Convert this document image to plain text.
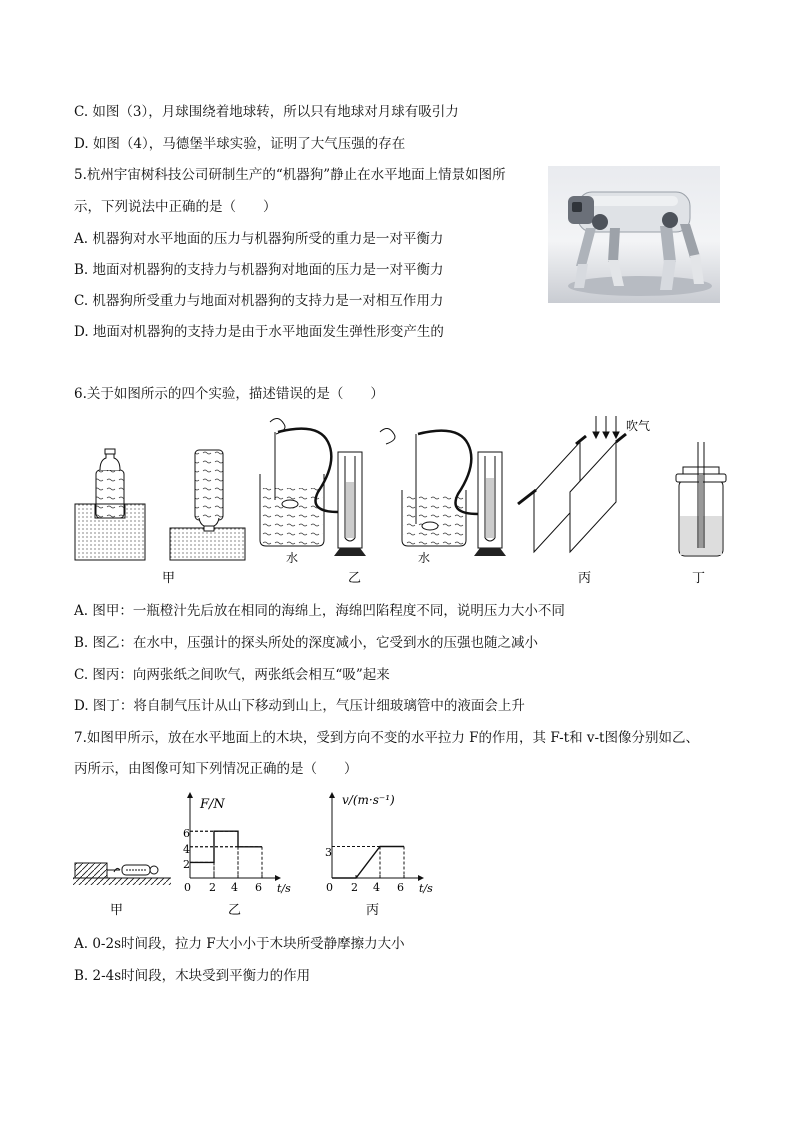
C. 如图（3），月球围绕着地球转，所以只有地球对月球有吸引力
D. 如图（4），马德堡半球实验，证明了大气压强的存在
5.杭州宇宙树科技公司研制生产的“机器狗”静止在水平地面上情景如图所
示，下列说法中正确的是（　　）
A. 机器狗对水平地面的压力与机器狗所受的重力是一对平衡力
B. 地面对机器狗的支持力与机器狗对地面的压力是一对平衡力
C. 机器狗所受重力与地面对机器狗的支持力是一对相互作用力
D. 地面对机器狗的支持力是由于水平地面发生弹性形变产生的
6.关于如图所示的四个实验，描述错误的是（　　）
水	水
吹气
甲	乙	丙	丁
A. 图甲：一瓶橙汁先后放在相同的海绵上，海绵凹陷程度不同，说明压力大小不同
B. 图乙：在水中，压强计的探头所处的深度减小，它受到水的压强也随之减小
C. 图丙：向两张纸之间吹气，两张纸会相互“吸”起来
D. 图丁：将自制气压计从山下移动到山上，气压计细玻璃管中的液面会上升
7.如图甲所示，放在水平地面上的木块，受到方向不变的水平拉力 F的作用，其 F-t和 v-t图像分别如乙、
丙所示，由图像可知下列情况正确的是（　　）
F/N
t/s
0 2 4 6
2
4
6
v/(m·s⁻¹)
t/s
0 2 4 6
3
甲	乙	丙
A. 0-2s时间段，拉力 F大小小于木块所受静摩擦力大小
B. 2-4s时间段，木块受到平衡力的作用
